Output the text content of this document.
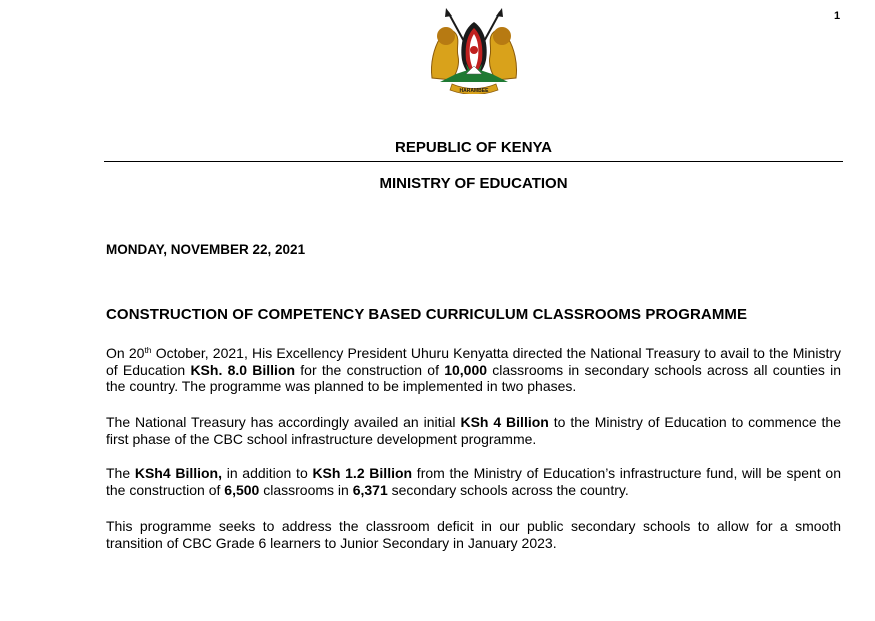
1
HARAMBEE
REPUBLIC OF KENYA
MINISTRY OF EDUCATION
MONDAY, NOVEMBER 22, 2021
CONSTRUCTION OF COMPETENCY BASED CURRICULUM CLASSROOMS PROGRAMME
On 20th October, 2021, His Excellency President Uhuru Kenyatta directed the National Treasury to avail to the Ministry of Education KSh. 8.0 Billion for the construction of 10,000 classrooms in secondary schools across all counties in the country. The programme was planned to be implemented in two phases.
The National Treasury has accordingly availed an initial KSh 4 Billion to the Ministry of Education to commence the first phase of the CBC school infrastructure development programme.
The KSh4 Billion, in addition to KSh 1.2 Billion from the Ministry of Education’s infrastructure fund, will be spent on the construction of 6,500 classrooms in 6,371 secondary schools across the country.
This programme seeks to address the classroom deficit in our public secondary schools to allow for a smooth transition of CBC Grade 6 learners to Junior Secondary in January 2023.
